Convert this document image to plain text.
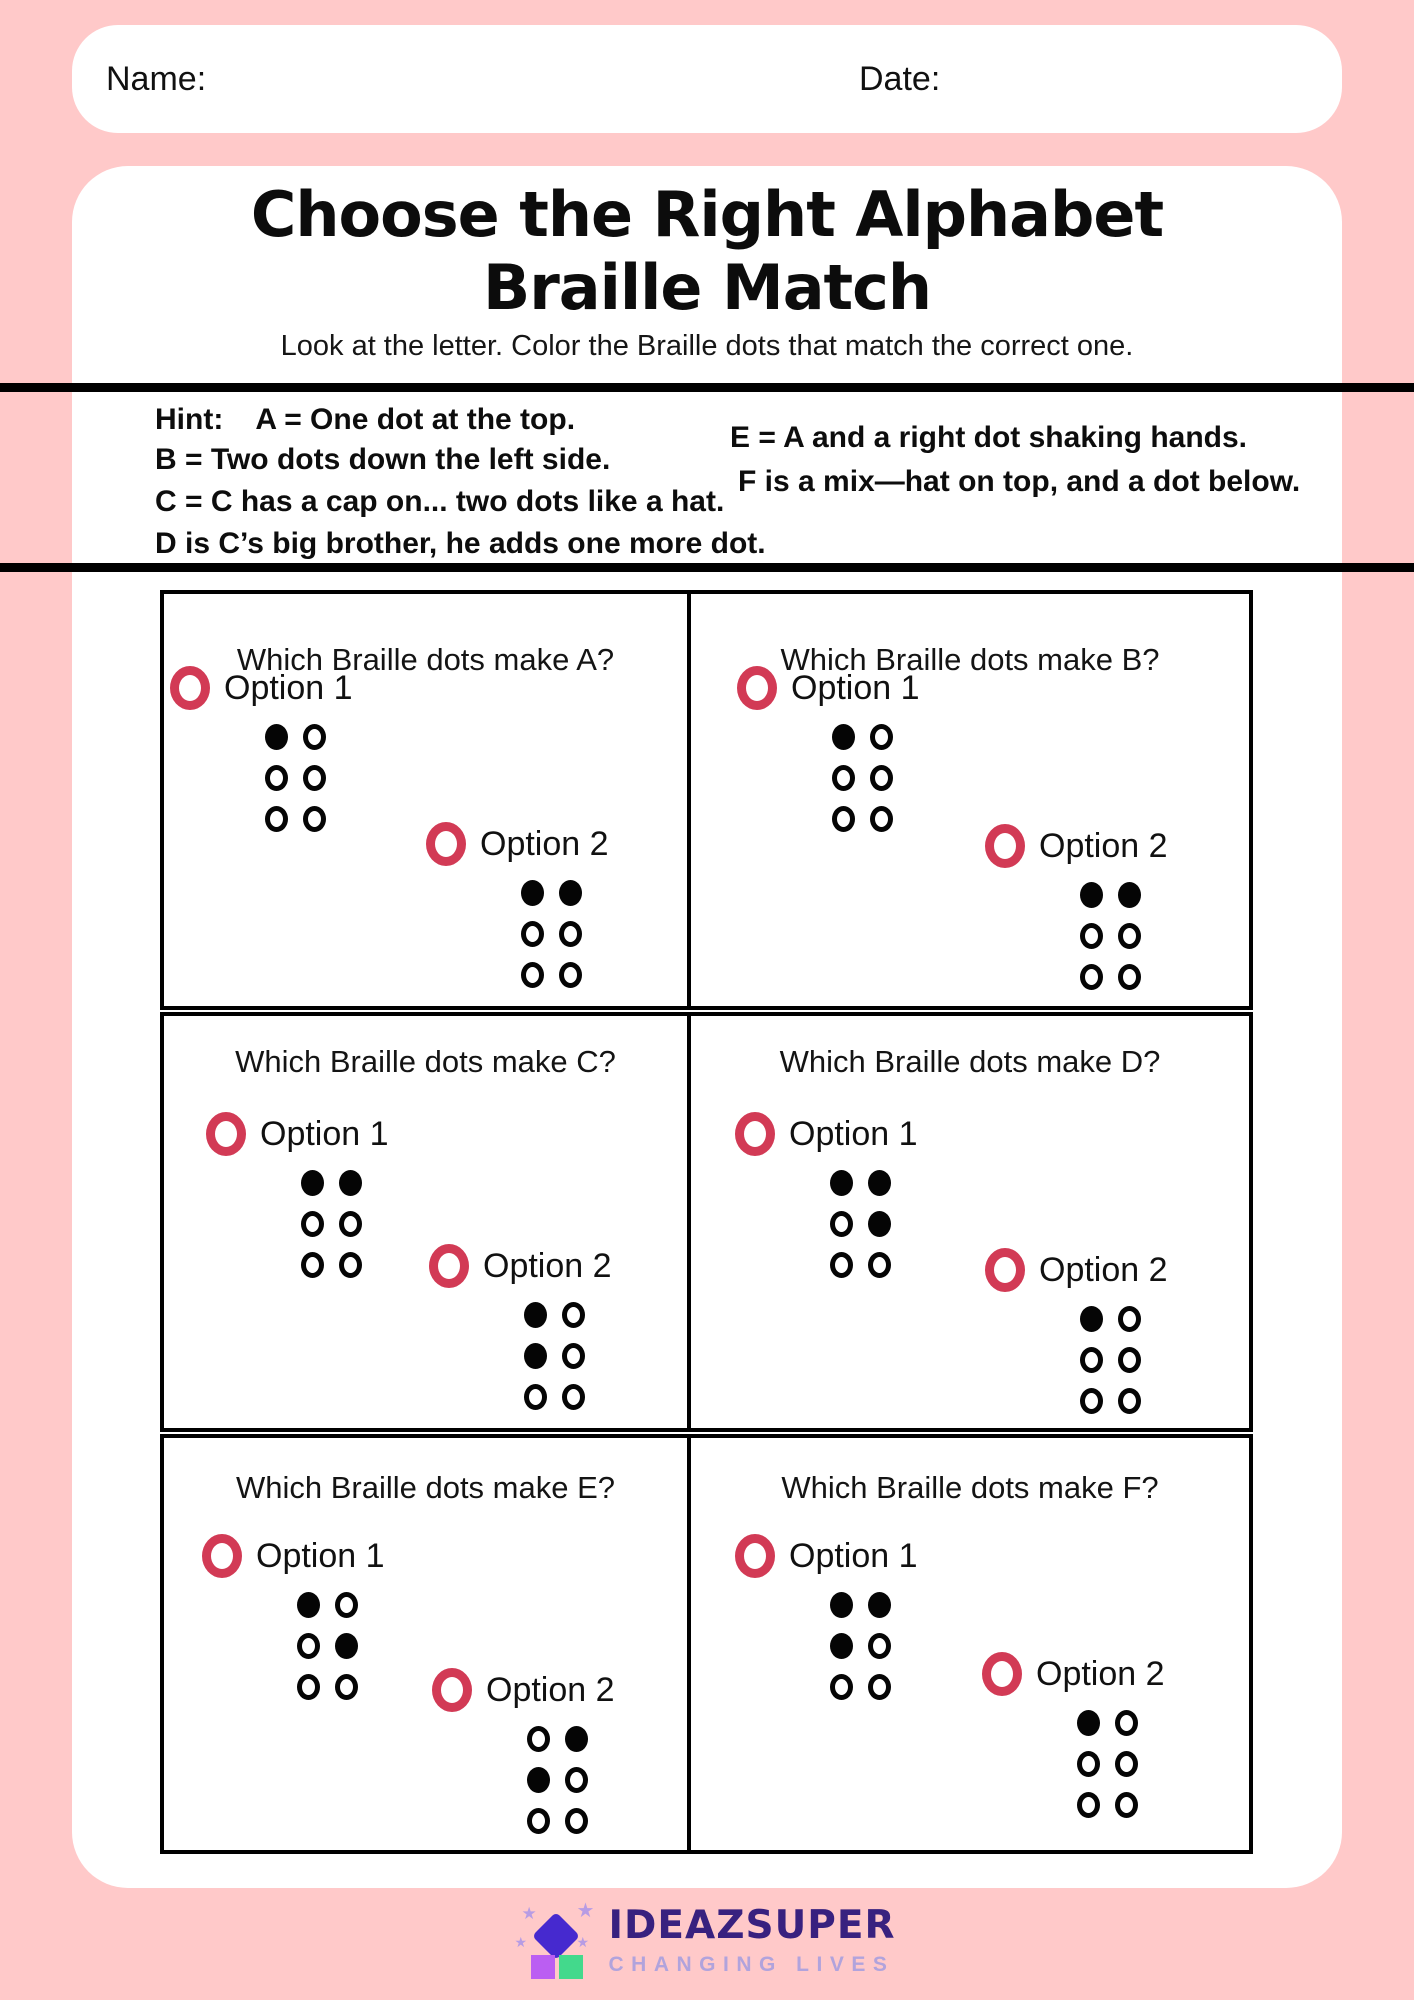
Name:	Date:
Choose the Right Alphabet
Braille Match
Look at the letter. Color the Braille dots that match the correct one.
Hint: A = One dot at the top.
B = Two dots down the left side.
C = C has a cap on... two dots like a hat.
D is C’s big brother, he adds one more dot.
E = A and a right dot shaking hands.
F is a mix—hat on top, and a dot below.
Which Braille dots make A?
Option 1
Option 2
Which Braille dots make B?
Option 1
Option 2
Which Braille dots make C?
Option 1
Option 2
Which Braille dots make D?
Option 1
Option 2
Which Braille dots make E?
Option 1
Option 2
Which Braille dots make F?
Option 1
Option 2
★ ★
★	★ IDEAZSUPER
CHANGING LIVES
